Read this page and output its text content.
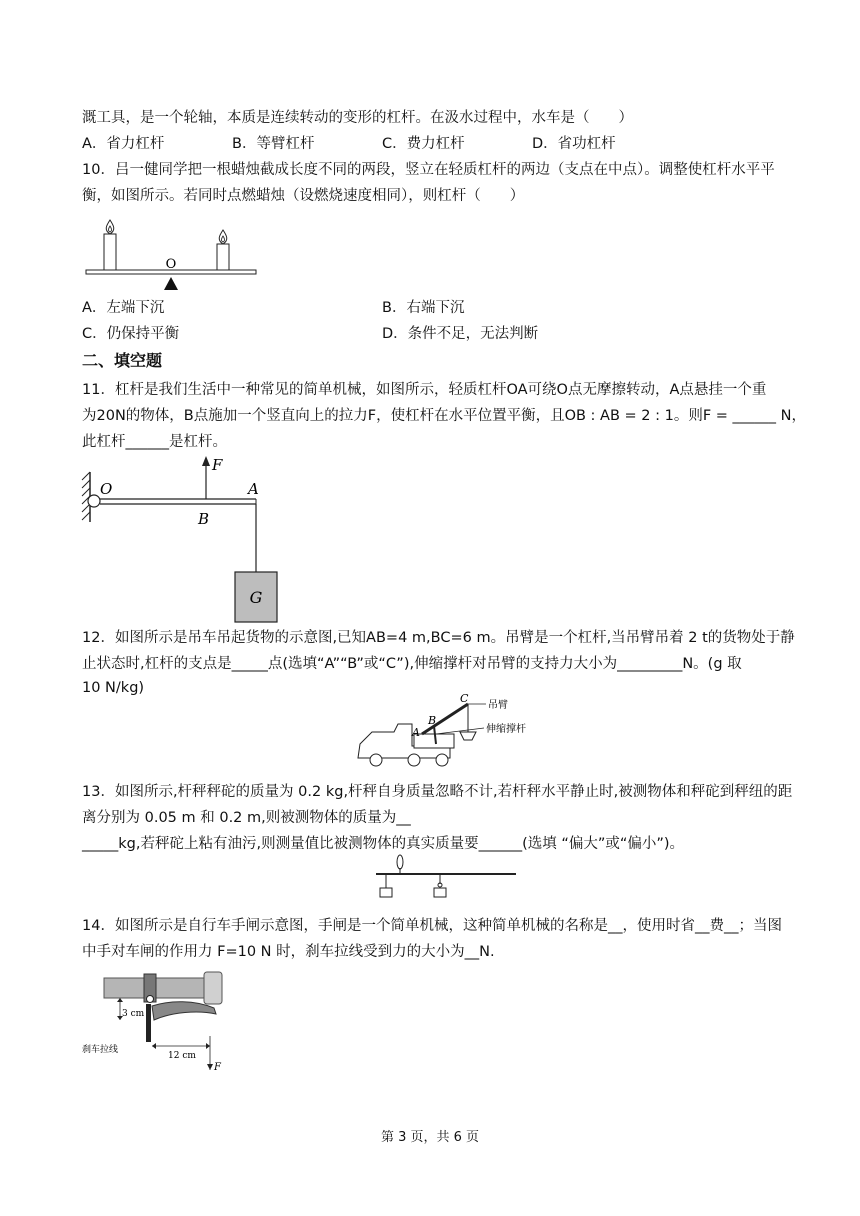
溉工具，是一个轮轴，本质是连续转动的变形的杠杆。在汲水过程中，水车是（　　）
A．省力杠杆	B．等臂杠杆	C．费力杠杆	D．省功杠杆
10．吕一健同学把一根蜡烛截成长度不同的两段，竖立在轻质杠杆的两边（支点在中点）。调整使杠杆水平平
衡，如图所示。若同时点燃蜡烛（设燃烧速度相同），则杠杆（　　）
O
A．左端下沉	B．右端下沉
C．仍保持平衡	D．条件不足，无法判断
二、填空题
11．杠杆是我们生活中一种常见的简单机械，如图所示，轻质杠杆OA可绕O点无摩擦转动，A点悬挂一个重
为20N的物体，B点施加一个竖直向上的拉力F，使杠杆在水平位置平衡，且OB : AB = 2 : 1。则F = ______ N，
此杠杆______是杠杆。
F
O	A
B
G
12．如图所示是吊车吊起货物的示意图,已知AB=4 m,BC=6 m。吊臂是一个杠杆,当吊臂吊着 2 t的货物处于静
止状态时,杠杆的支点是_____点(选填“A”“B”或“C”),伸缩撑杆对吊臂的支持力大小为_________N。(g 取
10 N/kg)
C
B
A
吊臂
伸缩撑杆
13．如图所示,杆秤秤砣的质量为 0.2 kg,杆秤自身质量忽略不计,若杆秤水平静止时,被测物体和秤砣到秤纽的距
离分别为 0.05 m 和 0.2 m,则被测物体的质量为__
_____kg,若秤砣上粘有油污,则测量值比被测物体的真实质量要______(选填 “偏大”或“偏小”)。
14．如图所示是自行车手闸示意图，手闸是一个简单机械，这种简单机械的名称是__，使用时省__费__；当图
中手对车闸的作用力 F=10 N 时，刹车拉线受到力的大小为__N.
3 cm
12 cm
F
刹车拉线
第 3 页，共 6 页
